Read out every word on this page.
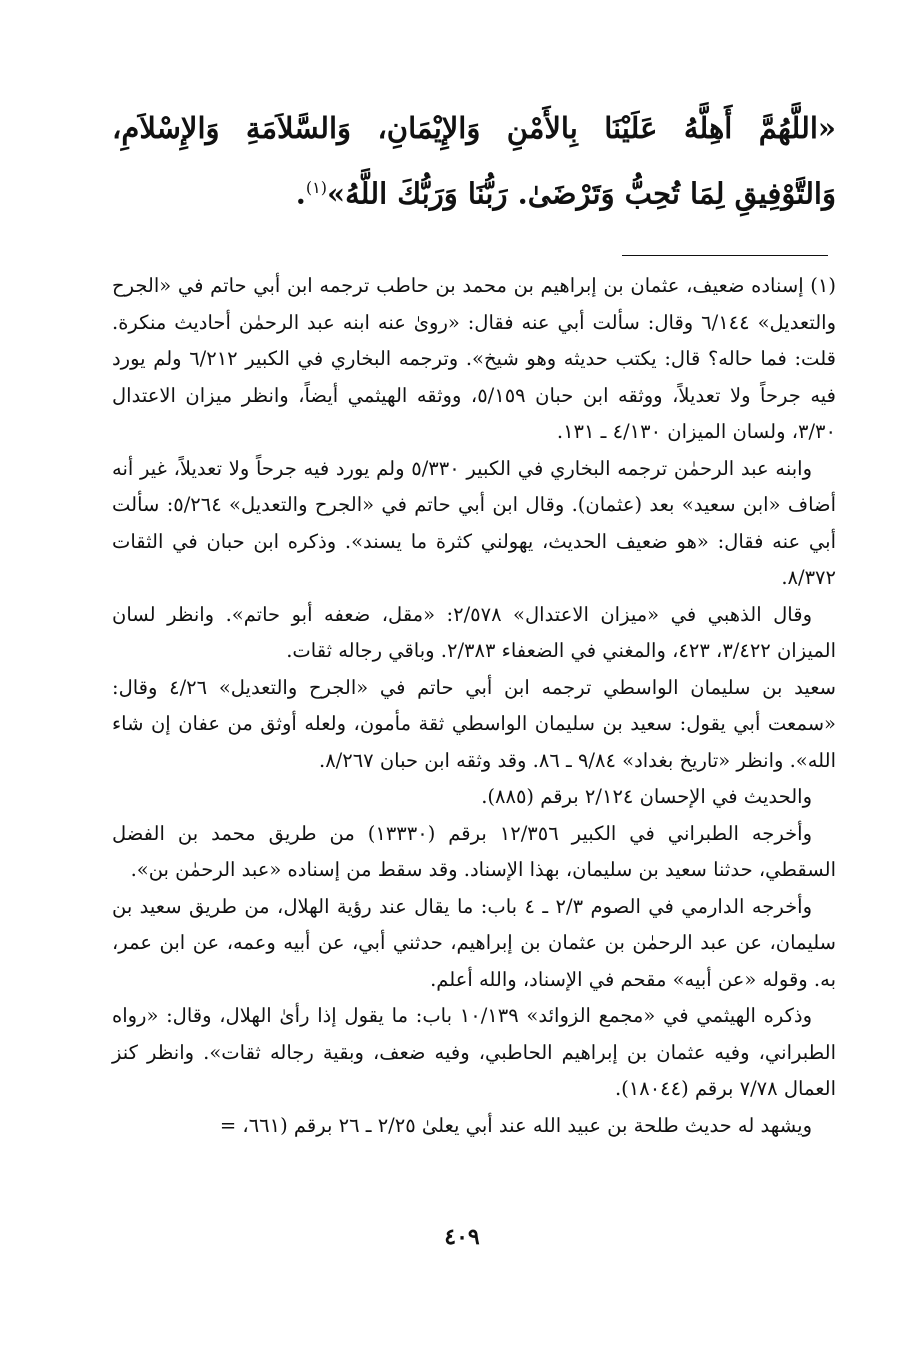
«اللَّهُمَّ أَهِلَّهُ عَلَيْنَا بِالأَمْنِ وَالإِيْمَانِ، وَالسَّلاَمَةِ وَالإِسْلاَمِ، وَالتَّوْفِيقِ لِمَا تُحِبُّ وَتَرْضَىٰ. رَبُّنَا وَرَبُّكَ اللَّهُ»$^{(١)}$.

(١) إسناده ضعيف، عثمان بن إبراهيم بن محمد بن حاطب ترجمه ابن أبي حاتم في «الجرح والتعديل» ٦/١٤٤ وقال: سألت أبي عنه فقال: «روىٰ عنه ابنه عبد الرحمٰن أحاديث منكرة. قلت: فما حاله؟ قال: يكتب حديثه وهو شيخ». وترجمه البخاري في الكبير ٦/٢١٢ ولم يورد فيه جرحاً ولا تعديلاً، ووثقه ابن حبان ٥/١٥٩، ووثقه الهيثمي أيضاً، وانظر ميزان الاعتدال ٣/٣٠، ولسان الميزان ٤/١٣٠ ـ ١٣١.

وابنه عبد الرحمٰن ترجمه البخاري في الكبير ٥/٣٣٠ ولم يورد فيه جرحاً ولا تعديلاً، غير أنه أضاف «ابن سعيد» بعد (عثمان). وقال ابن أبي حاتم في «الجرح والتعديل» ٥/٢٦٤: سألت أبي عنه فقال: «هو ضعيف الحديث، يهولني كثرة ما يسند». وذكره ابن حبان في الثقات ٨/٣٧٢.

وقال الذهبي في «ميزان الاعتدال» ٢/٥٧٨: «مقل، ضعفه أبو حاتم». وانظر لسان الميزان ٣/٤٢٢، ٤٢٣، والمغني في الضعفاء ٢/٣٨٣. وباقي رجاله ثقات.

سعيد بن سليمان الواسطي ترجمه ابن أبي حاتم في «الجرح والتعديل» ٤/٢٦ وقال: «سمعت أبي يقول: سعيد بن سليمان الواسطي ثقة مأمون، ولعله أوثق من عفان إن شاء الله». وانظر «تاريخ بغداد» ٩/٨٤ ـ ٨٦. وقد وثقه ابن حبان ٨/٢٦٧.

والحديث في الإحسان ٢/١٢٤ برقم (٨٨٥).

وأخرجه الطبراني في الكبير ١٢/٣٥٦ برقم (١٣٣٣٠) من طريق محمد بن الفضل السقطي، حدثنا سعيد بن سليمان، بهذا الإسناد. وقد سقط من إسناده «عبد الرحمٰن بن».

وأخرجه الدارمي في الصوم ٢/٣ ـ ٤ باب: ما يقال عند رؤية الهلال، من طريق سعيد بن سليمان، عن عبد الرحمٰن بن عثمان بن إبراهيم، حدثني أبي، عن أبيه وعمه، عن ابن عمر، به. وقوله «عن أبيه» مقحم في الإسناد، والله أعلم.

وذكره الهيثمي في «مجمع الزوائد» ١٠/١٣٩ باب: ما يقول إذا رأىٰ الهلال، وقال: «رواه الطبراني، وفيه عثمان بن إبراهيم الحاطبي، وفيه ضعف، وبقية رجاله ثقات». وانظر كنز العمال ٧/٧٨ برقم (١٨٠٤٤).

ويشهد له حديث طلحة بن عبيد الله عند أبي يعلىٰ ٢/٢٥ ـ ٢٦ برقم (٦٦١، =

٤٠٩
